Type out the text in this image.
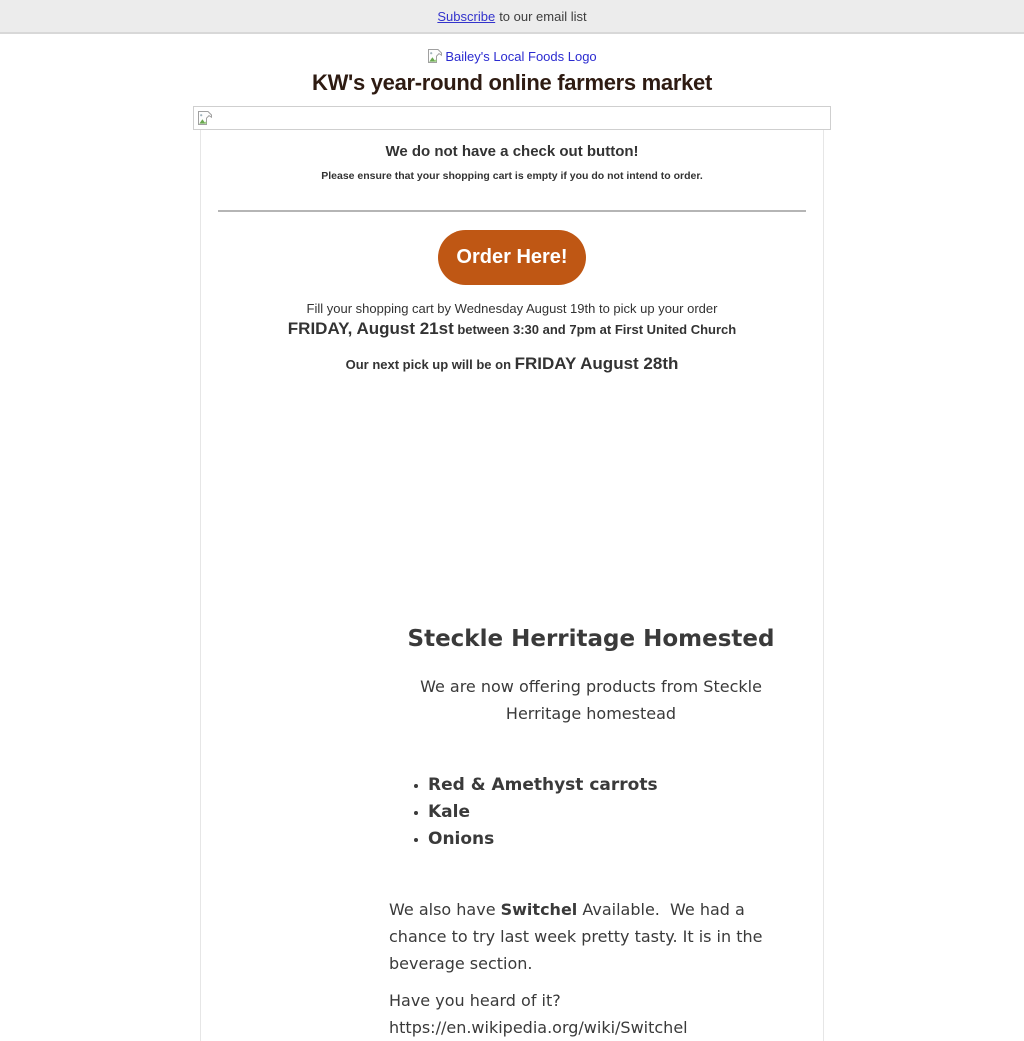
Subscribe to our email list
Bailey's Local Foods Logo
KW's year-round online farmers market

We do not have a check out button!

Please ensure that your shopping cart is empty if you do not intend to order.

Order Here!

Fill your shopping cart by Wednesday August 19th to pick up your order

FRIDAY, August 21st between 3:30 and 7pm at First United Church

Our next pick up will be on FRIDAY August 28th

Steckle Herritage Homested

We are now offering products from Steckle Herritage homestead

Red & Amethyst carrots
Kale
Onions

We also have Switchel Available.  We had a chance to try last week pretty tasty. It is in the beverage section.

Have you heard of it?
https://en.wikipedia.org/wiki/Switchel
